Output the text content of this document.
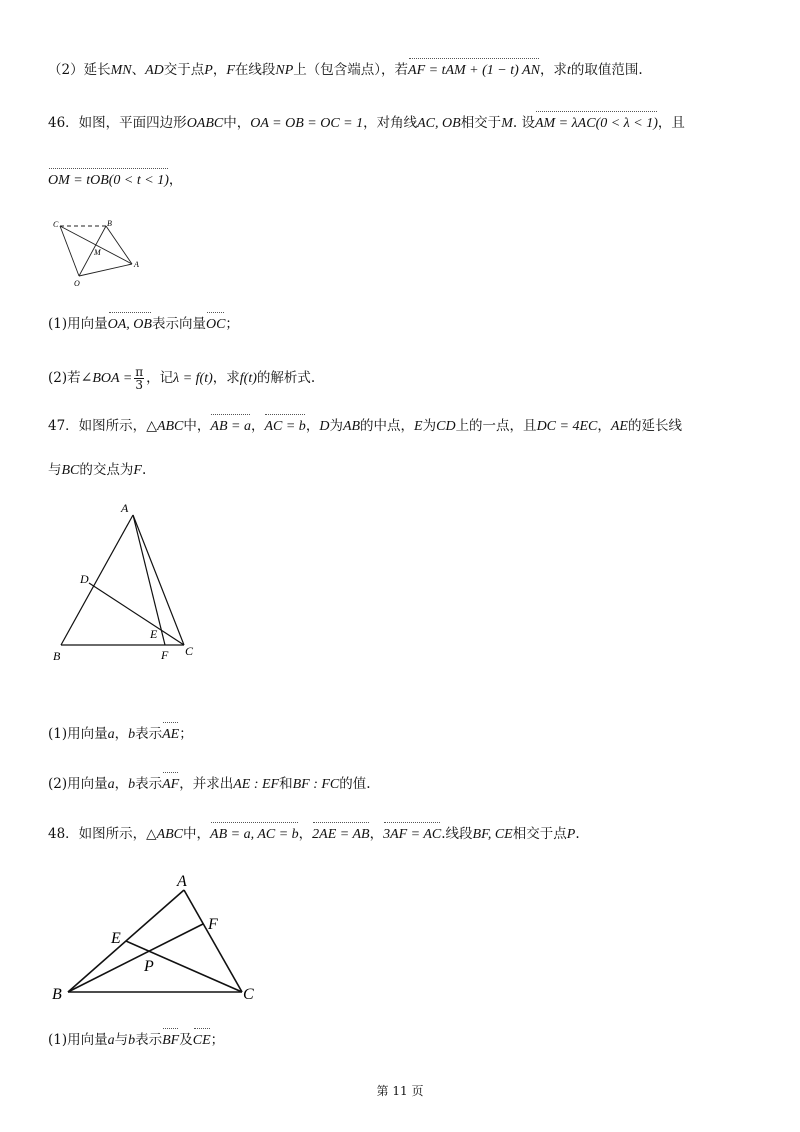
（2）延长MN、AD交于点P，F在线段NP上（包含端点），若AF = tAM + (1 − t) AN，求t的取值范围.
46．如图，平面四边形OABC中，OA = OB = OC = 1，对角线AC, OB相交于M. 设AM = λAC(0 < λ < 1)，且
OM = tOB(0 < t < 1)，
C	B
M
A
O
(1)用向量OA, OB表示向量OC；
(2)若∠BOA = $\frac{\pi}{3}$ ，记λ = f(t)，求f(t)的解析式.
47．如图所示，△ABC中，AB = a，AC = b，D为AB的中点，E为CD上的一点，且DC = 4EC，AE的延长线
与BC的交点为F.
A
D
E
B	F C
(1)用向量a，b表示AE；
(2)用向量a，b表示AF，并求出AE : EF和BF : FC的值.
48．如图所示，△ABC中，AB = a, AC = b，2AE = AB，3AF = AC.线段BF, CE相交于点P.
A
F
E
P
B	C
(1)用向量a与b表示BF及CE；
第 11 页
